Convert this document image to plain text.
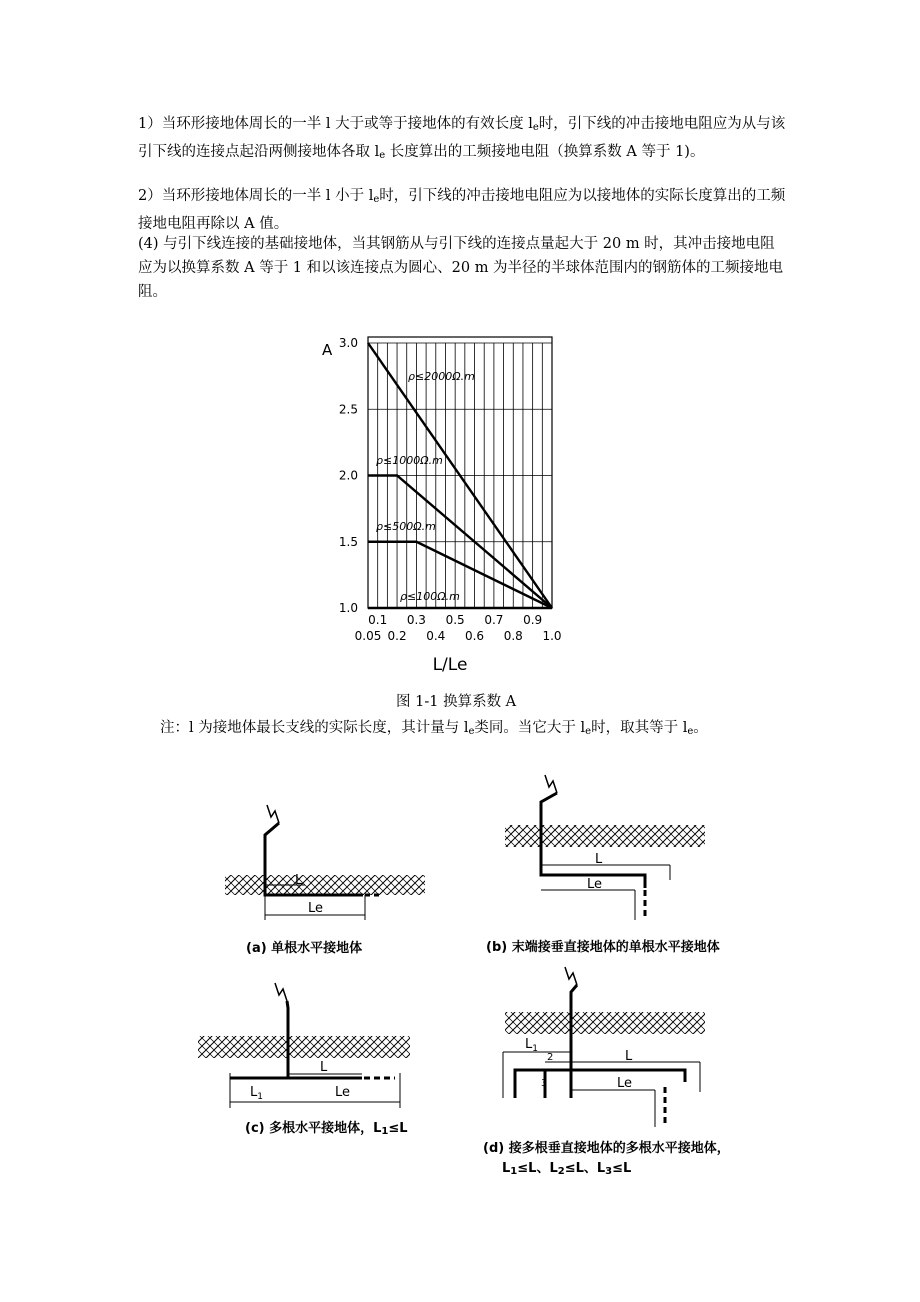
1）当环形接地体周长的一半 l 大于或等于接地体的有效长度 $l_e$时，引下线的冲击接地电阻应为从与该引下线的连接点起沿两侧接地体各取 $l_e$ 长度算出的工频接地电阻（换算系数 A 等于 1)。

2）当环形接地体周长的一半 l 小于 $l_e$时，引下线的冲击接地电阻应为以接地体的实际长度算出的工频接地电阻再除以 A 值。

(4) 与引下线连接的基础接地体，当其钢筋从与引下线的连接点量起大于 20 m 时，其冲击接地电阻应为以换算系数 A 等于 1 和以该连接点为圆心、20 m 为半径的半球体范围内的钢筋体的工频接地电阻。

ρ≤2000Ω.m
ρ≤1000Ω.m
ρ≤500Ω.m
ρ≤100Ω.m
3.0
2.5
2.0
1.5
1.0
A
0.1 0.3 0.5 0.7 0.9
0.05 0.2 0.4 0.6 0.8 1.0
L/Le
图 1-1 换算系数 A
注：l 为接地体最长支线的实际长度，其计量与 $l_e$类同。当它大于 $l_e$时，取其等于 $l_e$。
L
Le
(a) 单根水平接地体
L
Le
(b) 末端接垂直接地体的单根水平接地体
L
$L_1$	Le
(c) 多根水平接地体，$L_1\le L$
$L_1$
2	L
3	Le
(d) 接多根垂直接地体的多根水平接地体，
$L_1\le L$、$L_2\le L$、$L_3\le L$
